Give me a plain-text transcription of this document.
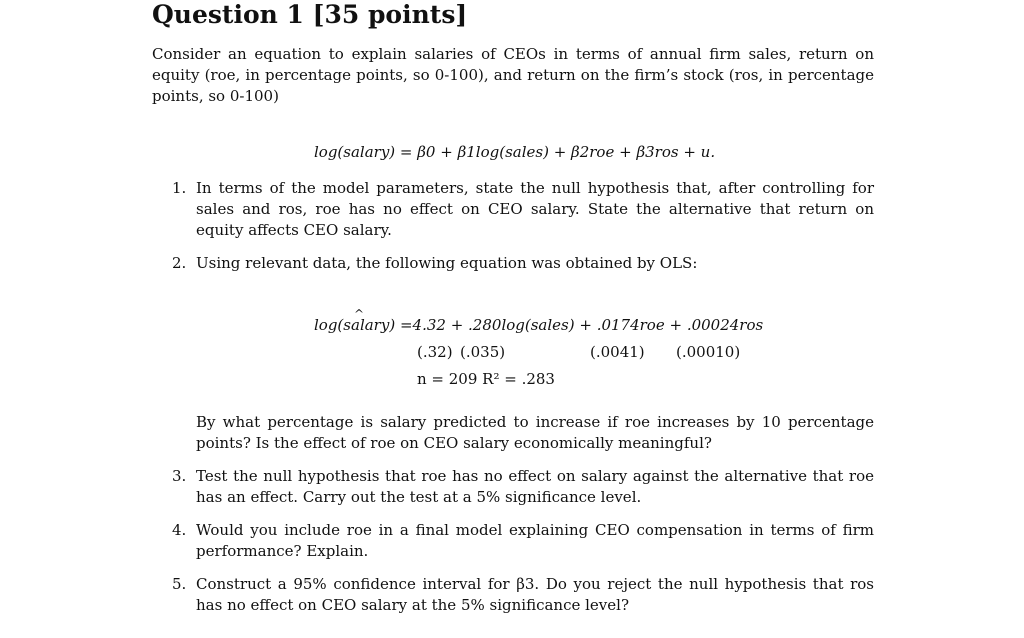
Question 1 [35 points]
Consider an equation to explain salaries of CEOs in terms of annual firm sales, return on equity (roe, in percentage points, so 0-100), and return on the firm’s stock (ros, in percentage points, so 0-100)
log(salary) = β0 + β1log(sales) + β2roe + β3ros + u.
1. In terms of the model parameters, state the null hypothesis that, after controlling for sales and ros, roe has no effect on CEO salary. State the alternative that return on equity affects CEO salary.
2. Using relevant data, the following equation was obtained by OLS:
log(sa ^lary) =4.32 + .280log(sales) + .0174roe + .00024ros
(.32) (.035)	(.0041) (.00010)
n = 209 R² = .283
By what percentage is salary predicted to increase if roe increases by 10 percentage points? Is the effect of roe on CEO salary economically meaningful?
3. Test the null hypothesis that roe has no effect on salary against the alternative that roe has an effect. Carry out the test at a 5% significance level.
4. Would you include roe in a final model explaining CEO compensation in terms of firm performance? Explain.
5. Construct a 95% confidence interval for β3. Do you reject the null hypothesis that ros has no effect on CEO salary at the 5% significance level?
